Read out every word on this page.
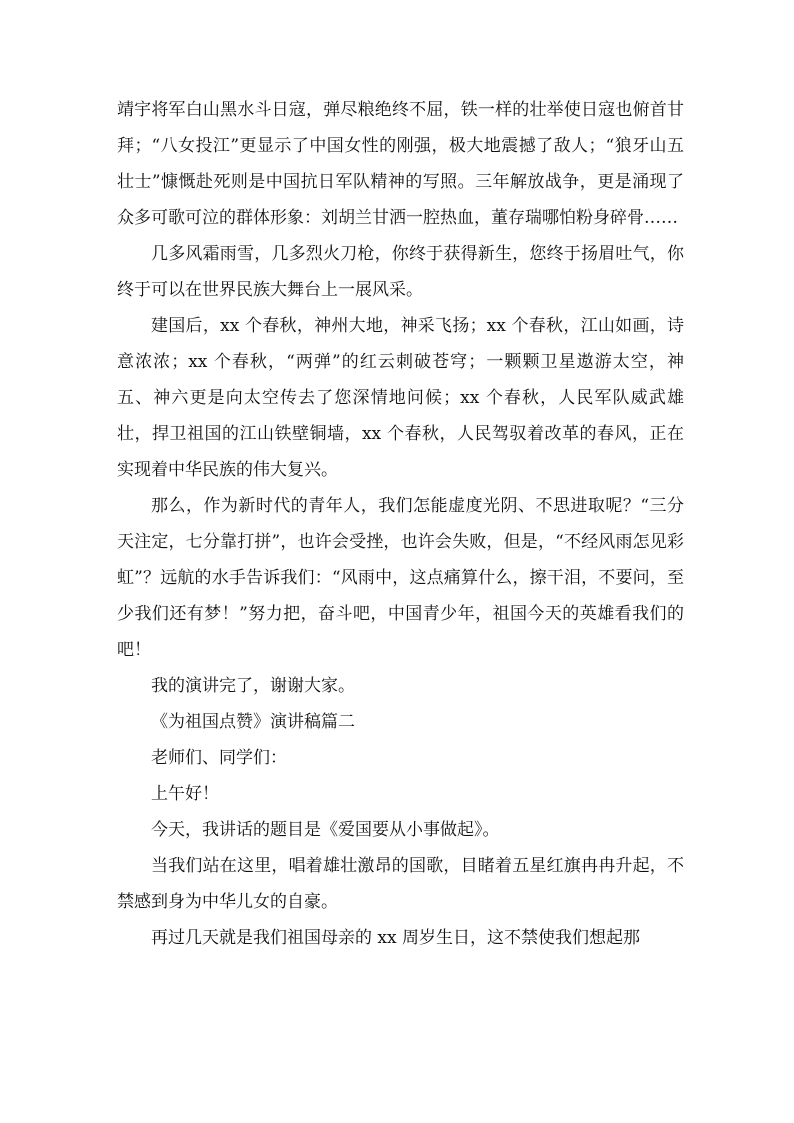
靖宇将军白山黑水斗日寇，弹尽粮绝终不屈，铁一样的壮举使日寇也俯首甘拜；“八女投江”更显示了中国女性的刚强，极大地震撼了敌人；“狼牙山五壮士”慷慨赴死则是中国抗日军队精神的写照。三年解放战争，更是涌现了众多可歌可泣的群体形象：刘胡兰甘洒一腔热血，董存瑞哪怕粉身碎骨……

几多风霜雨雪，几多烈火刀枪，你终于获得新生，您终于扬眉吐气，你终于可以在世界民族大舞台上一展风采。

建国后，xx 个春秋，神州大地，神采飞扬；xx 个春秋，江山如画，诗意浓浓；xx 个春秋，“两弹”的红云刺破苍穹；一颗颗卫星遨游太空，神五、神六更是向太空传去了您深情地问候；xx 个春秋，人民军队威武雄壮，捍卫祖国的江山铁壁铜墙，xx 个春秋，人民驾驭着改革的春风，正在实现着中华民族的伟大复兴。

那么，作为新时代的青年人，我们怎能虚度光阴、不思进取呢？“三分天注定，七分靠打拼”，也许会受挫，也许会失败，但是，“不经风雨怎见彩虹”？远航的水手告诉我们：“风雨中，这点痛算什么，擦干泪，不要问，至少我们还有梦！”努力把，奋斗吧，中国青少年，祖国今天的英雄看我们的吧！

我的演讲完了，谢谢大家。

《为祖国点赞》演讲稿篇二

老师们、同学们：

上午好！

今天，我讲话的题目是《爱国要从小事做起》。

当我们站在这里，唱着雄壮激昂的国歌，目睹着五星红旗冉冉升起，不禁感到身为中华儿女的自豪。

再过几天就是我们祖国母亲的 xx 周岁生日，这不禁使我们想起那
